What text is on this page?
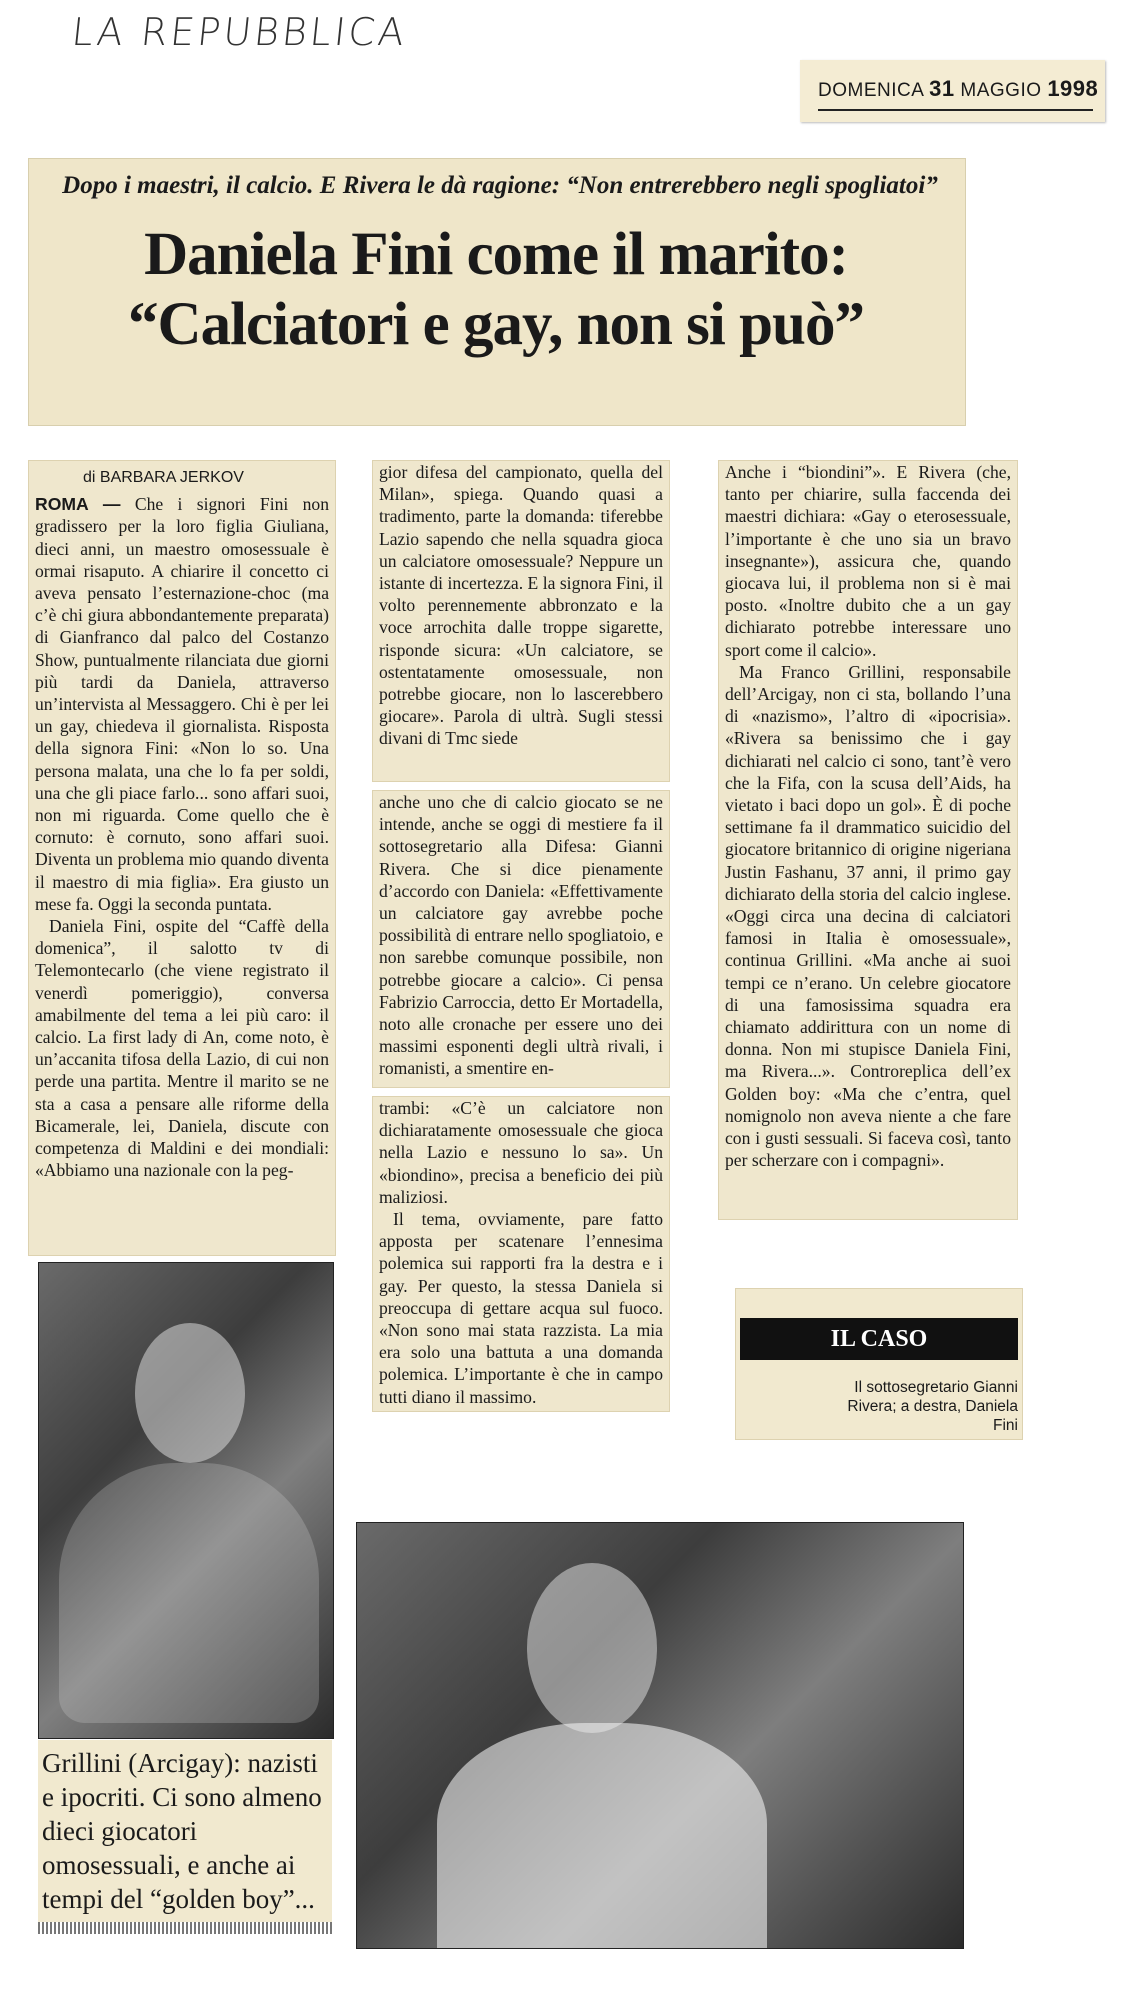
LA REPUBBLICA
DOMENICA 31 MAGGIO 1998
Dopo i maestri, il calcio. E Rivera le dà ragione: “Non entrerebbero negli spogliatoi”
Daniela Fini come il marito:
“Calciatori e gay, non si può”
di BARBARA JERKOV

ROMA — Che i signori Fini non gradissero per la loro figlia Giuliana, dieci anni, un maestro omosessuale è ormai risaputo. A chiarire il concetto ci aveva pensato l’esternazione-choc (ma c’è chi giura abbondantemente preparata) di Gianfranco dal palco del Costanzo Show, puntualmente rilanciata due giorni più tardi da Daniela, attraverso un’intervista al Messaggero. Chi è per lei un gay, chiedeva il giornalista. Risposta della signora Fini: «Non lo so. Una persona malata, una che lo fa per soldi, una che gli piace farlo... sono affari suoi, non mi riguarda. Come quello che è cornuto: è cornuto, sono affari suoi. Diventa un problema mio quando diventa il maestro di mia figlia». Era giusto un mese fa. Oggi la seconda puntata.

Daniela Fini, ospite del “Caffè della domenica”, il salotto tv di Telemontecarlo (che viene registrato il venerdì pomeriggio), conversa amabilmente del tema a lei più caro: il calcio. La first lady di An, come noto, è un’accanita tifosa della Lazio, di cui non perde una partita. Mentre il marito se ne sta a casa a pensare alle riforme della Bicamerale, lei, Daniela, discute con competenza di Maldini e dei mondiali: «Abbiamo una nazionale con la peg-

gior difesa del campionato, quella del Milan», spiega. Quando quasi a tradimento, parte la domanda: tiferebbe Lazio sapendo che nella squadra gioca un calciatore omosessuale? Neppure un istante di incertezza. E la signora Fini, il volto perennemente abbronzato e la voce arrochita dalle troppe sigarette, risponde sicura: «Un calciatore, se ostentatamente omosessuale, non potrebbe giocare, non lo lascerebbero giocare». Parola di ultrà. Sugli stessi divani di Tmc siede

anche uno che di calcio giocato se ne intende, anche se oggi di mestiere fa il sottosegretario alla Difesa: Gianni Rivera. Che si dice pienamente d’accordo con Daniela: «Effettivamente un calciatore gay avrebbe poche possibilità di entrare nello spogliatoio, e non sarebbe comunque possibile, non potrebbe giocare a calcio». Ci pensa Fabrizio Carroccia, detto Er Mortadella, noto alle cronache per essere uno dei massimi esponenti degli ultrà rivali, i romanisti, a smentire en-

trambi: «C’è un calciatore non dichiaratamente omosessuale che gioca nella Lazio e nessuno lo sa». Un «biondino», precisa a beneficio dei più maliziosi.

Il tema, ovviamente, pare fatto apposta per scatenare l’ennesima polemica sui rapporti fra la destra e i gay. Per questo, la stessa Daniela si preoccupa di gettare acqua sul fuoco. «Non sono mai stata razzista. La mia era solo una battuta a una domanda polemica. L’importante è che in campo tutti diano il massimo.

Anche i “biondini”». E Rivera (che, tanto per chiarire, sulla faccenda dei maestri dichiara: «Gay o eterosessuale, l’importante è che uno sia un bravo insegnante»), assicura che, quando giocava lui, il problema non si è mai posto. «Inoltre dubito che a un gay dichiarato potrebbe interessare uno sport come il calcio».

Ma Franco Grillini, responsabile dell’Arcigay, non ci sta, bollando l’una di «nazismo», l’altro di «ipocrisia». «Rivera sa benissimo che i gay dichiarati nel calcio ci sono, tant’è vero che la Fifa, con la scusa dell’Aids, ha vietato i baci dopo un gol». È di poche settimane fa il drammatico suicidio del giocatore britannico di origine nigeriana Justin Fashanu, 37 anni, il primo gay dichiarato della storia del calcio inglese. «Oggi circa una decina di calciatori famosi in Italia è omosessuale», continua Grillini. «Ma anche ai suoi tempi ce n’erano. Un celebre giocatore di una famosissima squadra era chiamato addirittura con un nome di donna. Non mi stupisce Daniela Fini, ma Rivera...». Controreplica dell’ex Golden boy: «Ma che c’entra, quel nomignolo non aveva niente a che fare con i gusti sessuali. Si faceva così, tanto per scherzare con i compagni».

IL CASO
Il sottosegretario Gianni Rivera; a destra, Daniela Fini
Grillini (Arcigay): nazisti e ipocriti. Ci sono almeno dieci giocatori omosessuali, e anche ai tempi del “golden boy”...
